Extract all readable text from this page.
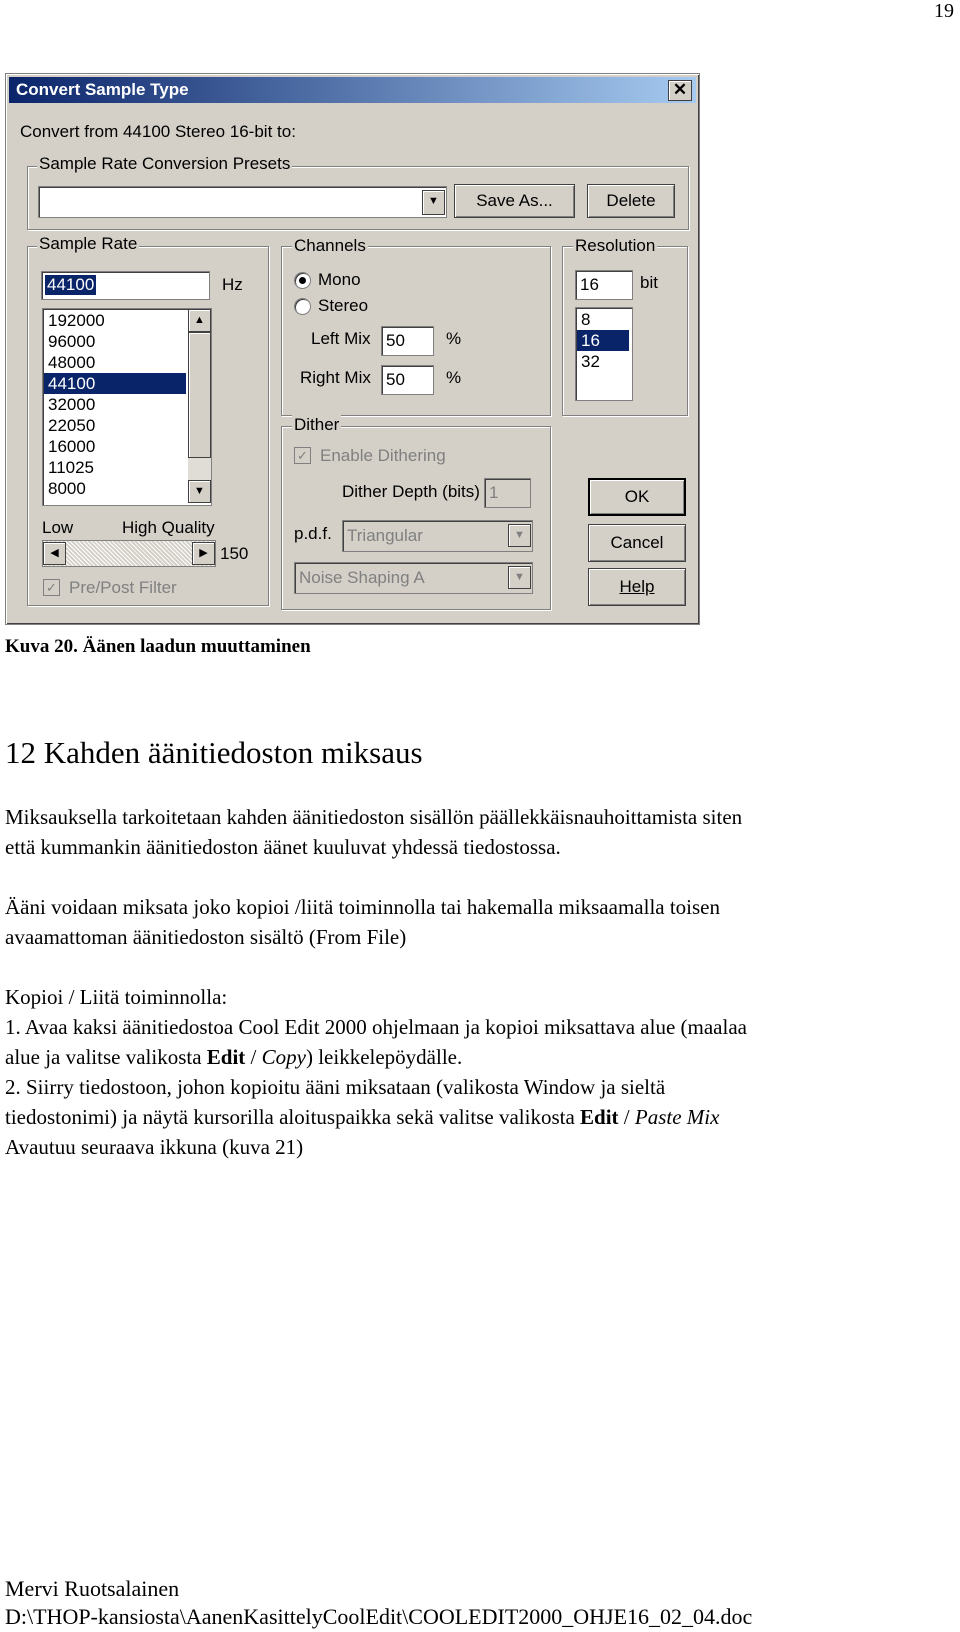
19
Convert Sample Type	✕
Convert from 44100 Stereo 16-bit to:
Sample Rate Conversion Presets
▼	Save As...	Delete
Sample Rate
44100	Hz
192000
96000
48000
44100
32000
22050
16000
11025
8000
▲
▼
Low	High Quality
◀	▶ 150
✓ Pre/Post Filter
Channels
Mono
Stereo
Left Mix 50 %
Right Mix 50 %
Resolution
16 bit
8
16
32
Dither
✓ Enable Dithering
Dither Depth (bits) 1
p.d.f. Triangular	▼
Noise Shaping A	▼
OK
Cancel
Help
Kuva 20. Äänen laadun muuttaminen
12 Kahden äänitiedoston miksaus
Miksauksella tarkoitetaan kahden äänitiedoston sisällön päällekkäisnauhoittamista siten
että kummankin äänitiedoston äänet kuuluvat yhdessä tiedostossa.
Ääni voidaan miksata joko kopioi /liitä toiminnolla tai hakemalla miksaamalla toisen
avaamattoman äänitiedoston sisältö (From File)
Kopioi / Liitä toiminnolla:
1. Avaa kaksi äänitiedostoa Cool Edit 2000 ohjelmaan ja kopioi miksattava alue (maalaa
alue ja valitse valikosta Edit / Copy) leikkelepöydälle.
2. Siirry tiedostoon, johon kopioitu ääni miksataan (valikosta Window ja sieltä
tiedostonimi) ja näytä kursorilla aloituspaikka sekä valitse valikosta Edit / Paste Mix
Avautuu seuraava ikkuna (kuva 21)
Mervi Ruotsalainen
D:\THOP-kansiosta\AanenKasittelyCoolEdit\COOLEDIT2000_OHJE16_02_04.doc
